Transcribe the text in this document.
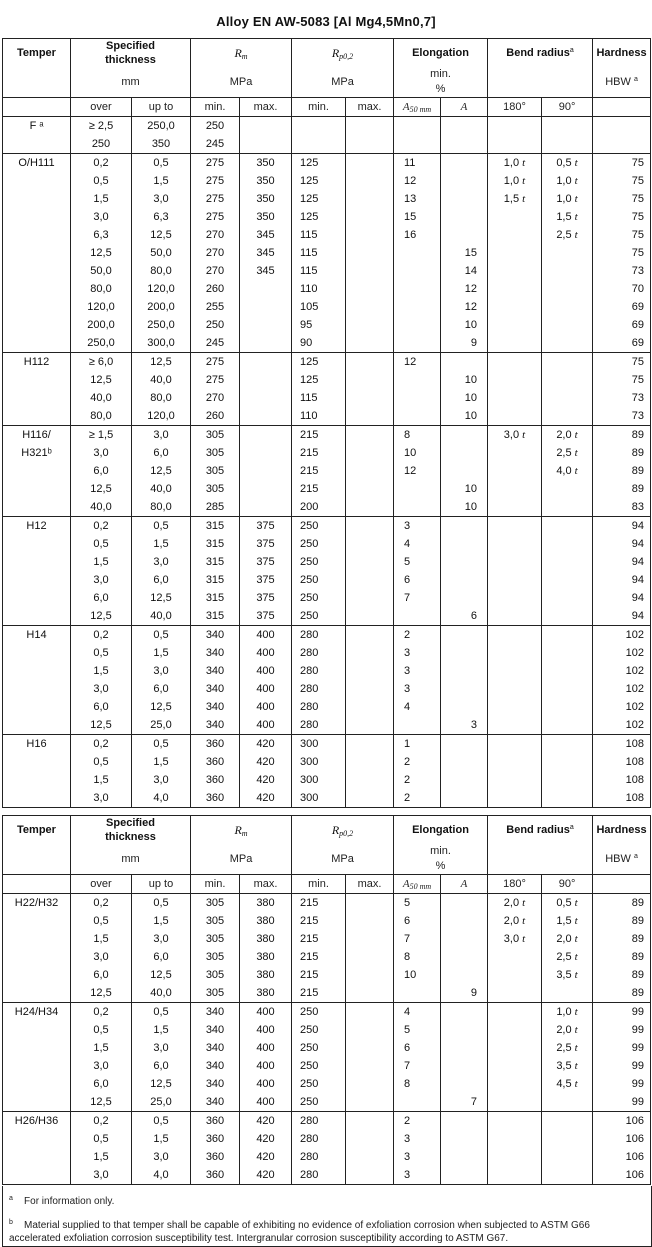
Alloy EN AW-5083 [Al Mg4,5Mn0,7]
Temper	Specified
thickness		$R_m$		$R_{p0,2}$		Elongation		Bend radius$^a$		Hardness
	mm		MPa		MPa		min.
%				HBW $^a$
	over	up to	min.	max.	min.	max.	$A_{50 mm}$	A	180°	90°	
F ᵃ	≥ 2,5	250,0	250								
	250	350	245								
O/H111	0,2	0,5	275	350	125		11		1,0 t	0,5 t	75
	0,5	1,5	275	350	125		12		1,0 t	1,0 t	75
	1,5	3,0	275	350	125		13		1,5 t	1,0 t	75
	3,0	6,3	275	350	125		15			1,5 t	75
	6,3	12,5	270	345	115		16			2,5 t	75
	12,5	50,0	270	345	115			15			75
	50,0	80,0	270	345	115			14			73
	80,0	120,0	260		110			12			70
	120,0	200,0	255		105			12			69
	200,0	250,0	250		95			10			69
	250,0	300,0	245		90			9			69
H112	≥ 6,0	12,5	275		125		12				75
	12,5	40,0	275		125			10			75
	40,0	80,0	270		115			10			73
	80,0	120,0	260		110			10			73
H116/	≥ 1,5	3,0	305		215		8		3,0 t	2,0 t	89
H321ᵇ	3,0	6,0	305		215		10			2,5 t	89
	6,0	12,5	305		215		12			4,0 t	89
	12,5	40,0	305		215			10			89
	40,0	80,0	285		200			10			83
H12	0,2	0,5	315	375	250		3				94
	0,5	1,5	315	375	250		4				94
	1,5	3,0	315	375	250		5				94
	3,0	6,0	315	375	250		6				94
	6,0	12,5	315	375	250		7				94
	12,5	40,0	315	375	250			6			94
H14	0,2	0,5	340	400	280		2				102
	0,5	1,5	340	400	280		3				102
	1,5	3,0	340	400	280		3				102
	3,0	6,0	340	400	280		3				102
	6,0	12,5	340	400	280		4				102
	12,5	25,0	340	400	280			3			102
H16	0,2	0,5	360	420	300		1				108
	0,5	1,5	360	420	300		2				108
	1,5	3,0	360	420	300		2				108
	3,0	4,0	360	420	300		2				108
Temper	Specified
thickness		$R_m$		$R_{p0,2}$		Elongation		Bend radius$^a$		Hardness
	mm		MPa		MPa		min.
%				HBW $^a$
	over	up to	min.	max.	min.	max.	$A_{50 mm}$	A	180°	90°	
H22/H32	0,2	0,5	305	380	215		5		2,0 t	0,5 t	89
	0,5	1,5	305	380	215		6		2,0 t	1,5 t	89
	1,5	3,0	305	380	215		7		3,0 t	2,0 t	89
	3,0	6,0	305	380	215		8			2,5 t	89
	6,0	12,5	305	380	215		10			3,5 t	89
	12,5	40,0	305	380	215			9			89
H24/H34	0,2	0,5	340	400	250		4			1,0 t	99
	0,5	1,5	340	400	250		5			2,0 t	99
	1,5	3,0	340	400	250		6			2,5 t	99
	3,0	6,0	340	400	250		7			3,5 t	99
	6,0	12,5	340	400	250		8			4,5 t	99
	12,5	25,0	340	400	250			7			99
H26/H36	0,2	0,5	360	420	280		2				106
	0,5	1,5	360	420	280		3				106
	1,5	3,0	360	420	280		3				106
	3,0	4,0	360	420	280		3				106
$^a$ For information only.
$^b$ Material supplied to that temper shall be capable of exhibiting no evidence of exfoliation corrosion when subjected to ASTM G66 accelerated exfoliation corrosion susceptibility test. Intergranular corrosion susceptibility according to ASTM G67.
